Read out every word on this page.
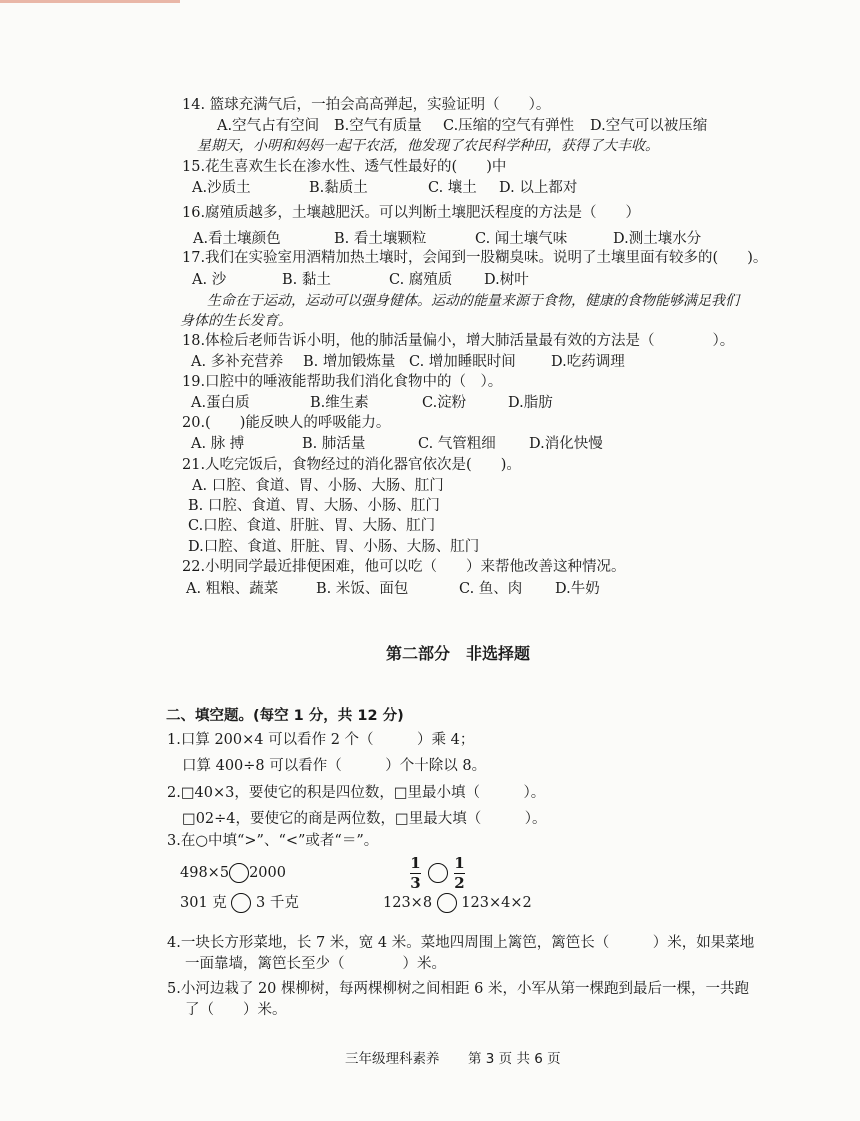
14. 篮球充满气后，一拍会高高弹起，实验证明（　　）。
A.空气占有空间 B.空气有质量 C.压缩的空气有弹性 D.空气可以被压缩
星期天，小明和妈妈一起干农活，他发现了农民科学种田，获得了大丰收。
15.花生喜欢生长在渗水性、透气性最好的(　　)中
A.沙质土	B.黏质土	C. 壤土 D. 以上都对
16.腐殖质越多，土壤越肥沃。可以判断土壤肥沃程度的方法是（　　）
A.看土壤颜色	B. 看土壤颗粒	C. 闻土壤气味	D.测土壤水分
17.我们在实验室用酒精加热土壤时，会闻到一股糊臭味。说明了土壤里面有较多的(　　)。
A. 沙	B. 黏土	C. 腐殖质 D.树叶
生命在于运动，运动可以强身健体。运动的能量来源于食物，健康的食物能够满足我们
身体的生长发育。
18.体检后老师告诉小明，他的肺活量偏小，增大肺活量最有效的方法是（　　　　）。
A. 多补充营养 B. 增加锻炼量 C. 增加睡眠时间 D.吃药调理
19.口腔中的唾液能帮助我们消化食物中的（　）。
A.蛋白质	B.维生素	C.淀粉	D.脂肪
20.(　　)能反映人的呼吸能力。
A. 脉 搏	B. 肺活量	C. 气管粗细 D.消化快慢
21.人吃完饭后，食物经过的消化器官依次是(　　)。
A. 口腔、食道、胃、小肠、大肠、肛门
B. 口腔、食道、胃、大肠、小肠、肛门
C.口腔、食道、肝脏、胃、大肠、肛门
D.口腔、食道、肝脏、胃、小肠、大肠、肛门
22.小明同学最近排便困难，他可以吃（　　）来帮他改善这种情况。
A. 粗粮、蔬菜	B. 米饭、面包	C. 鱼、肉 D.牛奶
第二部分　非选择题
二、填空题。(每空 1 分，共 12 分)
1.口算 200×4 可以看作 2 个（　　　）乘 4；
口算 400÷8 可以看作（　　　）个十除以 8。
2.□40×3，要使它的积是四位数，□里最小填（　　　）。
□02÷4，要使它的商是两位数，□里最大填（　　　）。
3.在○中填“>”、“<”或者“＝”。
498×5 2000
1
3
1
2
301 克 3 千克	123×8 123×4×2
4.一块长方形菜地，长 7 米，宽 4 米。菜地四周围上篱笆，篱笆长（　　　）米，如果菜地
一面靠墙，篱笆长至少（　　　　）米。
5.小河边栽了 20 棵柳树，每两棵柳树之间相距 6 米，小军从第一棵跑到最后一棵，一共跑
了（　　）米。
三年级理科素养 第 3 页 共 6 页
